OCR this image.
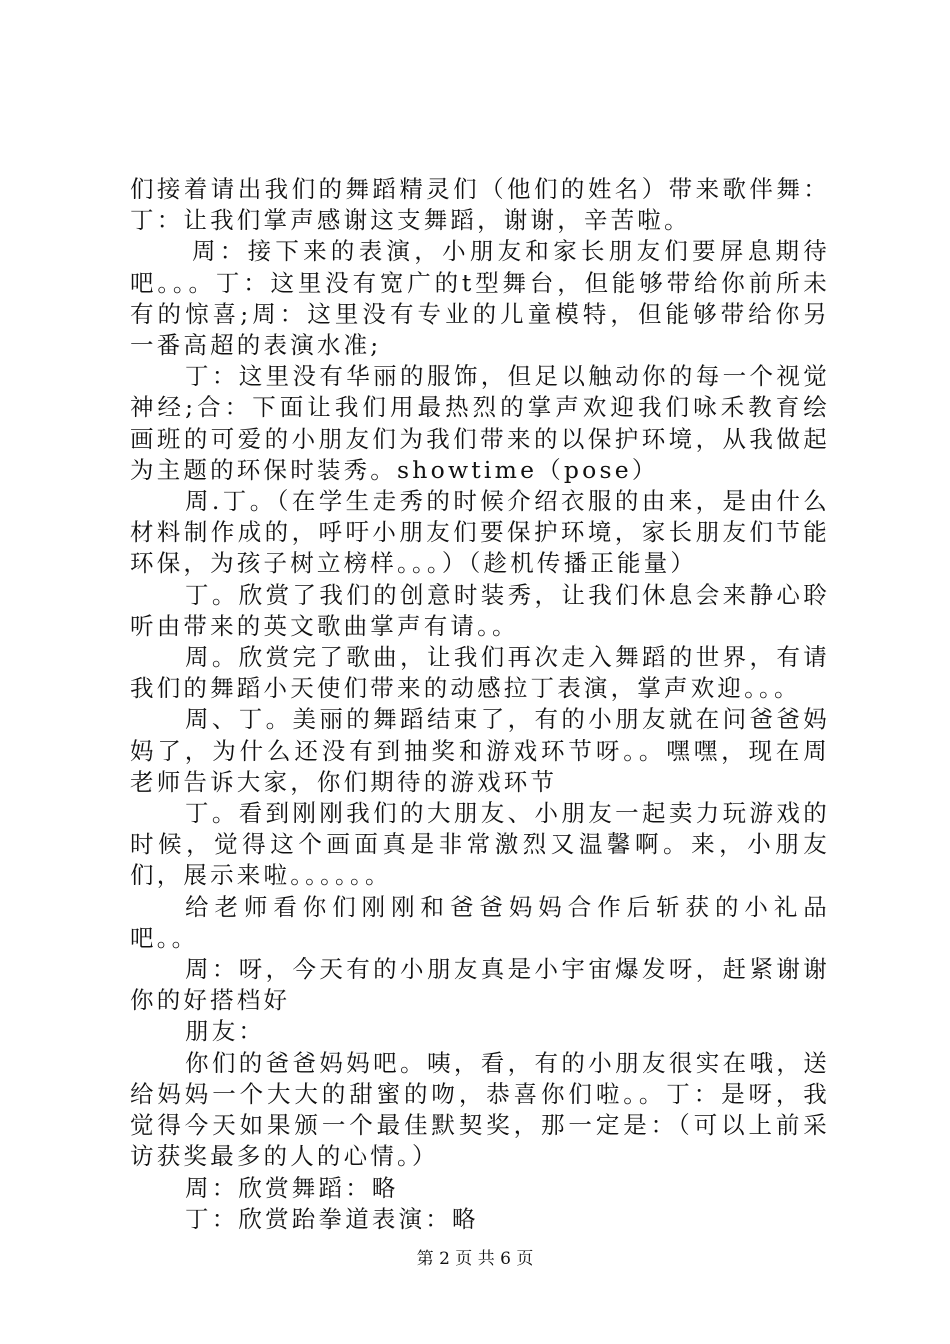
们接着请出我们的舞蹈精灵们（他们的姓名）带来歌伴舞：丁：让我们掌声感谢这支舞蹈，谢谢，辛苦啦。

周：接下来的表演，小朋友和家长朋友们要屏息期待吧。。。丁：这里没有宽广的t型舞台，但能够带给你前所未有的惊喜;周：这里没有专业的儿童模特，但能够带给你另一番高超的表演水准;

丁：这里没有华丽的服饰，但足以触动你的每一个视觉神经;合：下面让我们用最热烈的掌声欢迎我们咏禾教育绘画班的可爱的小朋友们为我们带来的以保护环境，从我做起为主题的环保时装秀。showtime（pose）

周.丁。（在学生走秀的时候介绍衣服的由来，是由什么材料制作成的，呼吁小朋友们要保护环境，家长朋友们节能环保，为孩子树立榜样。。。）（趁机传播正能量）

丁。欣赏了我们的创意时装秀，让我们休息会来静心聆听由带来的英文歌曲掌声有请。。

周。欣赏完了歌曲，让我们再次走入舞蹈的世界，有请我们的舞蹈小天使们带来的动感拉丁表演，掌声欢迎。。。

周、丁。美丽的舞蹈结束了，有的小朋友就在问爸爸妈妈了，为什么还没有到抽奖和游戏环节呀。。嘿嘿，现在周老师告诉大家，你们期待的游戏环节

丁。看到刚刚我们的大朋友、小朋友一起卖力玩游戏的时候，觉得这个画面真是非常激烈又温馨啊。来，小朋友们，展示来啦。。。。。。

给老师看你们刚刚和爸爸妈妈合作后斩获的小礼品吧。。

周：呀，今天有的小朋友真是小宇宙爆发呀，赶紧谢谢你的好搭档好

朋友：

你们的爸爸妈妈吧。咦，看，有的小朋友很实在哦，送给妈妈一个大大的甜蜜的吻，恭喜你们啦。。丁：是呀，我觉得今天如果颁一个最佳默契奖，那一定是：（可以上前采访获奖最多的人的心情。）

周：欣赏舞蹈：略

丁：欣赏跆拳道表演：略

第 2 页 共 6 页
